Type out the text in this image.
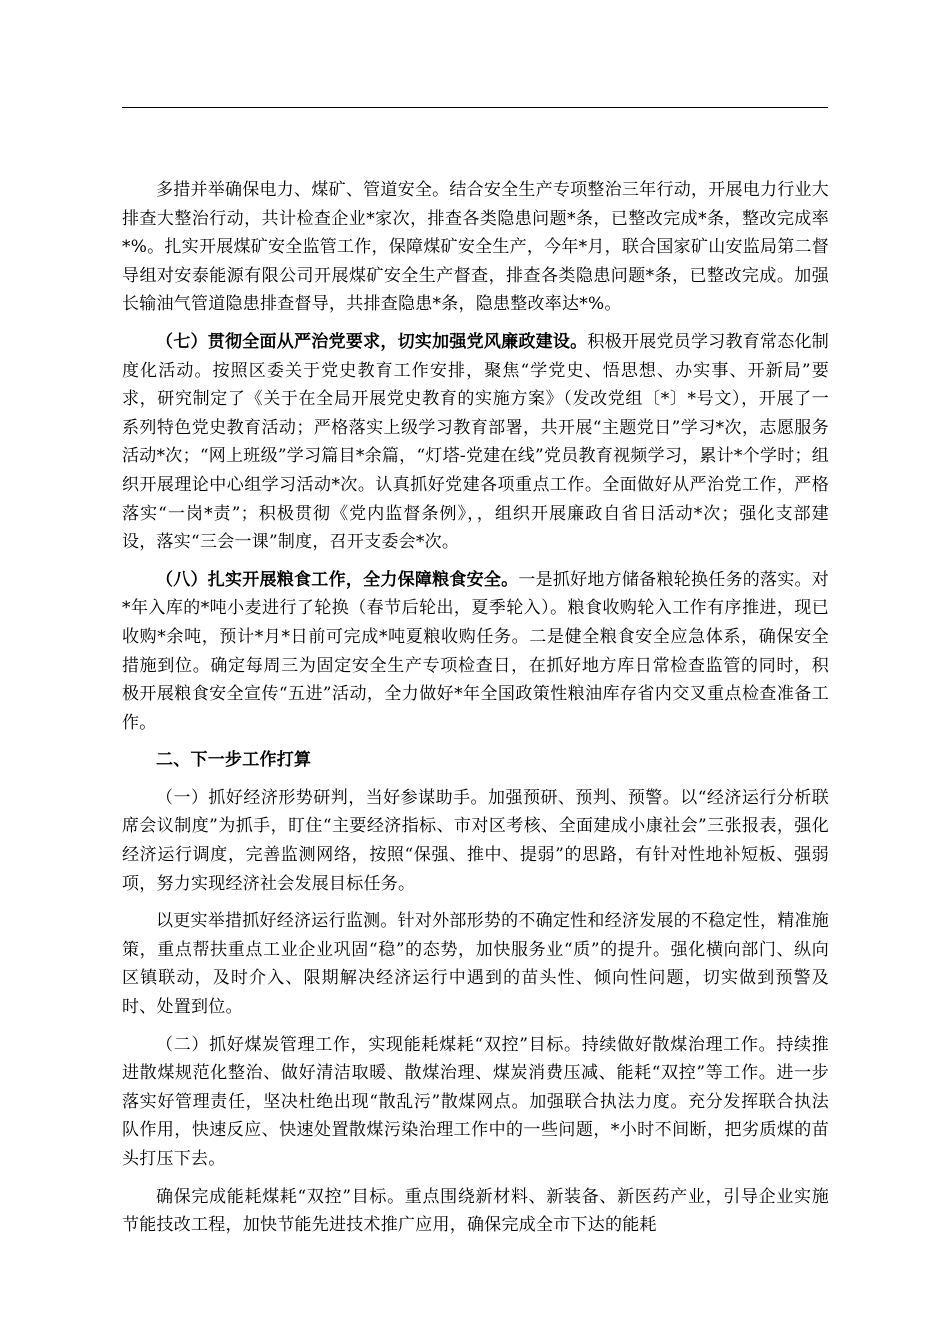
多措并举确保电力、煤矿、管道安全。结合安全生产专项整治三年行动，开展电力行业大排查大整治行动，共计检查企业*家次，排查各类隐患问题*条，已整改完成*条，整改完成率*%。扎实开展煤矿安全监管工作，保障煤矿安全生产，今年*月，联合国家矿山安监局第二督导组对安泰能源有限公司开展煤矿安全生产督查，排查各类隐患问题*条，已整改完成。加强长输油气管道隐患排查督导，共排查隐患*条，隐患整改率达*%。

（七）贯彻全面从严治党要求，切实加强党风廉政建设。积极开展党员学习教育常态化制度化活动。按照区委关于党史教育工作安排，聚焦“学党史、悟思想、办实事、开新局”要求，研究制定了《关于在全局开展党史教育的实施方案》（发改党组〔*〕*号文），开展了一系列特色党史教育活动；严格落实上级学习教育部署，共开展“主题党日”学习*次，志愿服务活动*次；“网上班级”学习篇目*余篇，“灯塔-党建在线”党员教育视频学习，累计*个学时；组织开展理论中心组学习活动*次。认真抓好党建各项重点工作。全面做好从严治党工作，严格落实“一岗*责”；积极贯彻《党内监督条例》，，组织开展廉政自省日活动*次；强化支部建设，落实“三会一课”制度，召开支委会*次。

（八）扎实开展粮食工作，全力保障粮食安全。一是抓好地方储备粮轮换任务的落实。对*年入库的*吨小麦进行了轮换（春节后轮出，夏季轮入）。粮食收购轮入工作有序推进，现已收购*余吨，预计*月*日前可完成*吨夏粮收购任务。二是健全粮食安全应急体系，确保安全措施到位。确定每周三为固定安全生产专项检查日，在抓好地方库日常检查监管的同时，积极开展粮食安全宣传“五进”活动，全力做好*年全国政策性粮油库存省内交叉重点检查准备工作。

二、下一步工作打算

（一）抓好经济形势研判，当好参谋助手。加强预研、预判、预警。以“经济运行分析联席会议制度”为抓手，盯住“主要经济指标、市对区考核、全面建成小康社会”三张报表，强化经济运行调度，完善监测网络，按照“保强、推中、提弱”的思路，有针对性地补短板、强弱项，努力实现经济社会发展目标任务。

以更实举措抓好经济运行监测。针对外部形势的不确定性和经济发展的不稳定性，精准施策，重点帮扶重点工业企业巩固“稳”的态势，加快服务业“质”的提升。强化横向部门、纵向区镇联动，及时介入、限期解决经济运行中遇到的苗头性、倾向性问题，切实做到预警及时、处置到位。

（二）抓好煤炭管理工作，实现能耗煤耗“双控”目标。持续做好散煤治理工作。持续推进散煤规范化整治、做好清洁取暖、散煤治理、煤炭消费压减、能耗“双控”等工作。进一步落实好管理责任，坚决杜绝出现“散乱污”散煤网点。加强联合执法力度。充分发挥联合执法队作用，快速反应、快速处置散煤污染治理工作中的一些问题，*小时不间断，把劣质煤的苗头打压下去。

确保完成能耗煤耗“双控”目标。重点围绕新材料、新装备、新医药产业，引导企业实施节能技改工程，加快节能先进技术推广应用，确保完成全市下达的能耗
